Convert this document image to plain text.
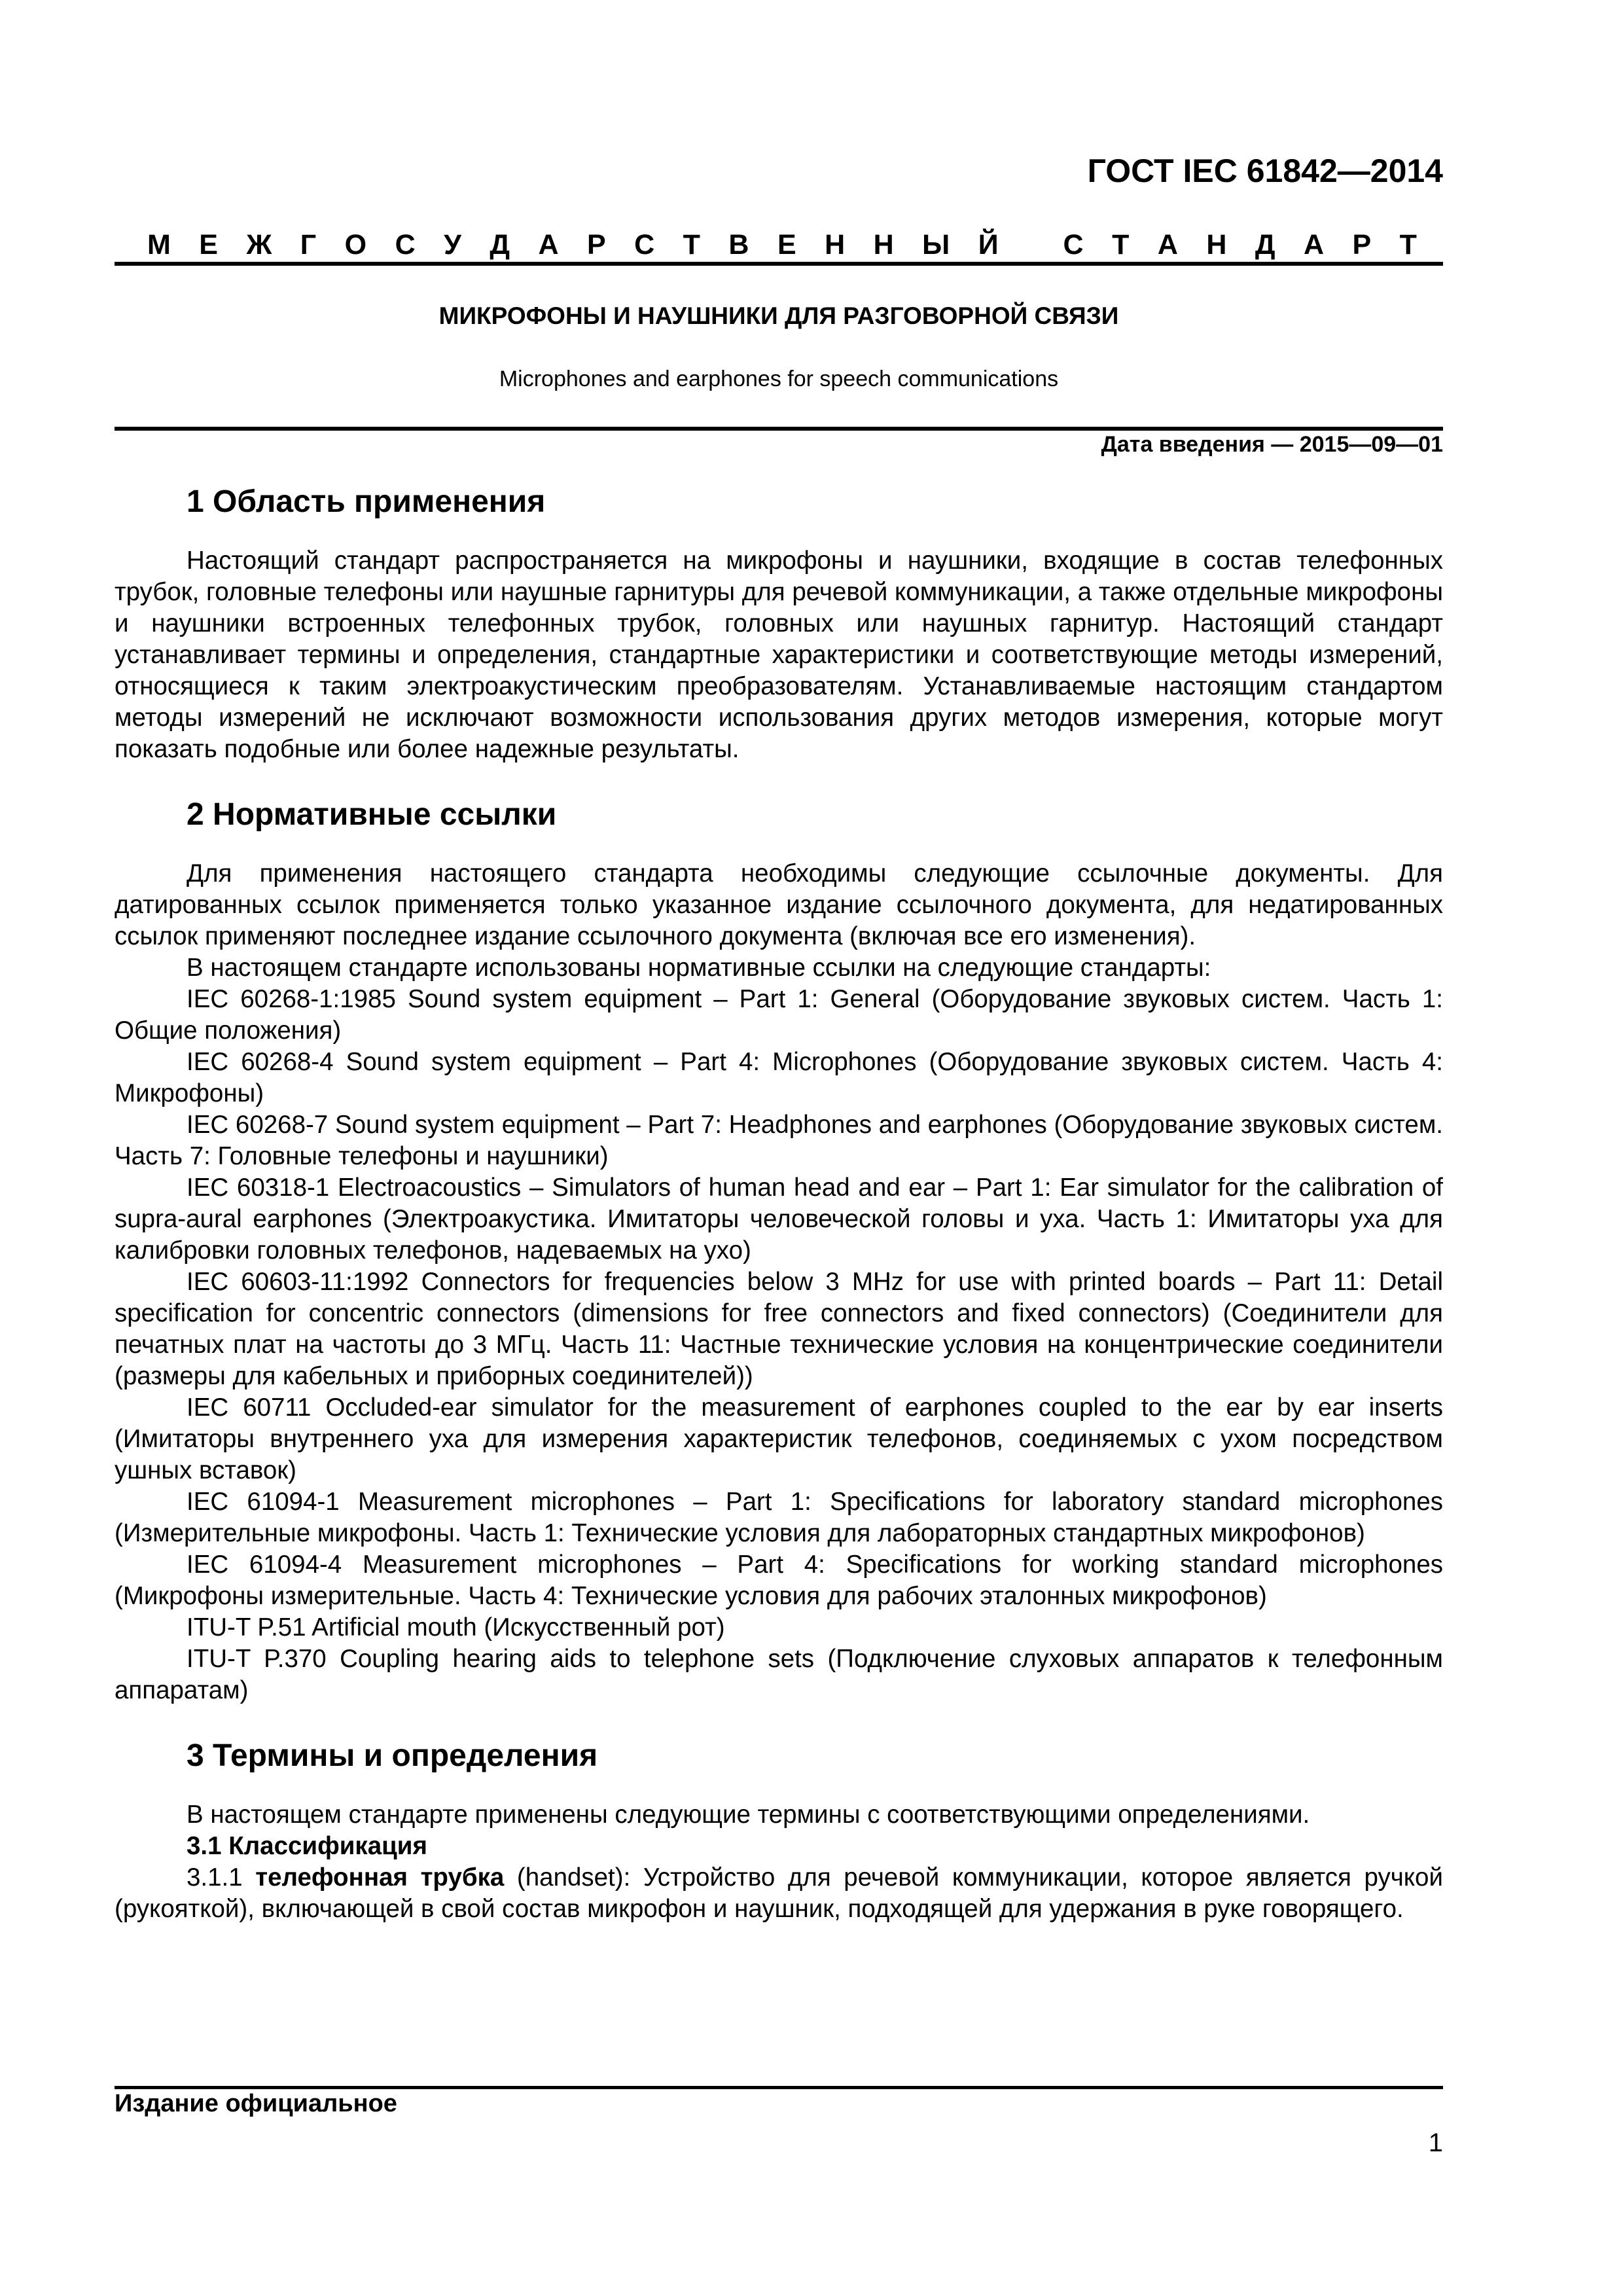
ГОСТ IEC 61842—2014
М Е Ж Г О С У Д А Р С Т В Е Н Н Ы Й
С Т А Н Д А Р Т
МИКРОФОНЫ И НАУШНИКИ ДЛЯ РАЗГОВОРНОЙ СВЯЗИ
Microphones and earphones for speech communications
Дата введения — 2015—09—01
1 Область применения

Настоящий стандарт распространяется на микрофоны и наушники, входящие в состав телефонных трубок, головные телефоны или наушные гарнитуры для речевой коммуникации, а также отдельные микрофоны и наушники встроенных телефонных трубок, головных или наушных гарнитур. Настоящий стандарт устанавливает термины и определения, стандартные характеристики и соответствующие методы измерений, относящиеся к таким электроакустическим преобразователям. Устанавливаемые настоящим стандартом методы измерений не исключают возможности использования других методов измерения, которые могут показать подобные или более надежные результаты.

2 Нормативные ссылки

Для применения настоящего стандарта необходимы следующие ссылочные документы. Для датированных ссылок применяется только указанное издание ссылочного документа, для недатированных ссылок применяют последнее издание ссылочного документа (включая все его изменения).

В настоящем стандарте использованы нормативные ссылки на следующие стандарты:

IEC 60268-1:1985 Sound system equipment – Part 1: General (Оборудование звуковых систем. Часть 1: Общие положения)

IEC 60268-4 Sound system equipment – Part 4: Microphones (Оборудование звуковых систем. Часть 4: Микрофоны)

IEC 60268-7 Sound system equipment – Part 7: Headphones and earphones (Оборудование звуковых систем. Часть 7: Головные телефоны и наушники)

IEC 60318-1 Electroacoustics – Simulators of human head and ear – Part 1: Ear simulator for the calibration of supra-aural earphones (Электроакустика. Имитаторы человеческой головы и уха. Часть 1: Имитаторы уха для калибровки головных телефонов, надеваемых на ухо)

IEC 60603-11:1992 Connectors for frequencies below 3 MHz for use with printed boards – Part 11: Detail specification for concentric connectors (dimensions for free connectors and fixed connectors) (Соединители для печатных плат на частоты до 3 МГц. Часть 11: Частные технические условия на концентрические соединители (размеры для кабельных и приборных соединителей))

IEC 60711 Occluded-ear simulator for the measurement of earphones coupled to the ear by ear inserts (Имитаторы внутреннего уха для измерения характеристик телефонов, соединяемых с ухом посредством ушных вставок)

IEC 61094-1 Measurement microphones – Part 1: Specifications for laboratory standard microphones (Измерительные микрофоны. Часть 1: Технические условия для лабораторных стандартных микрофонов)

IEC 61094-4 Measurement microphones – Part 4: Specifications for working standard microphones (Микрофоны измерительные. Часть 4: Технические условия для рабочих эталонных микрофонов)

ITU-T P.51 Artificial mouth (Искусственный рот)

ITU-T P.370 Coupling hearing aids to telephone sets (Подключение слуховых аппаратов к телефонным аппаратам)

3 Термины и определения

В настоящем стандарте применены следующие термины с соответствующими определениями.

3.1 Классификация

3.1.1 телефонная трубка (handset): Устройство для речевой коммуникации, которое является ручкой (рукояткой), включающей в свой состав микрофон и наушник, подходящей для удержания в руке говорящего.

Издание официальное
1
